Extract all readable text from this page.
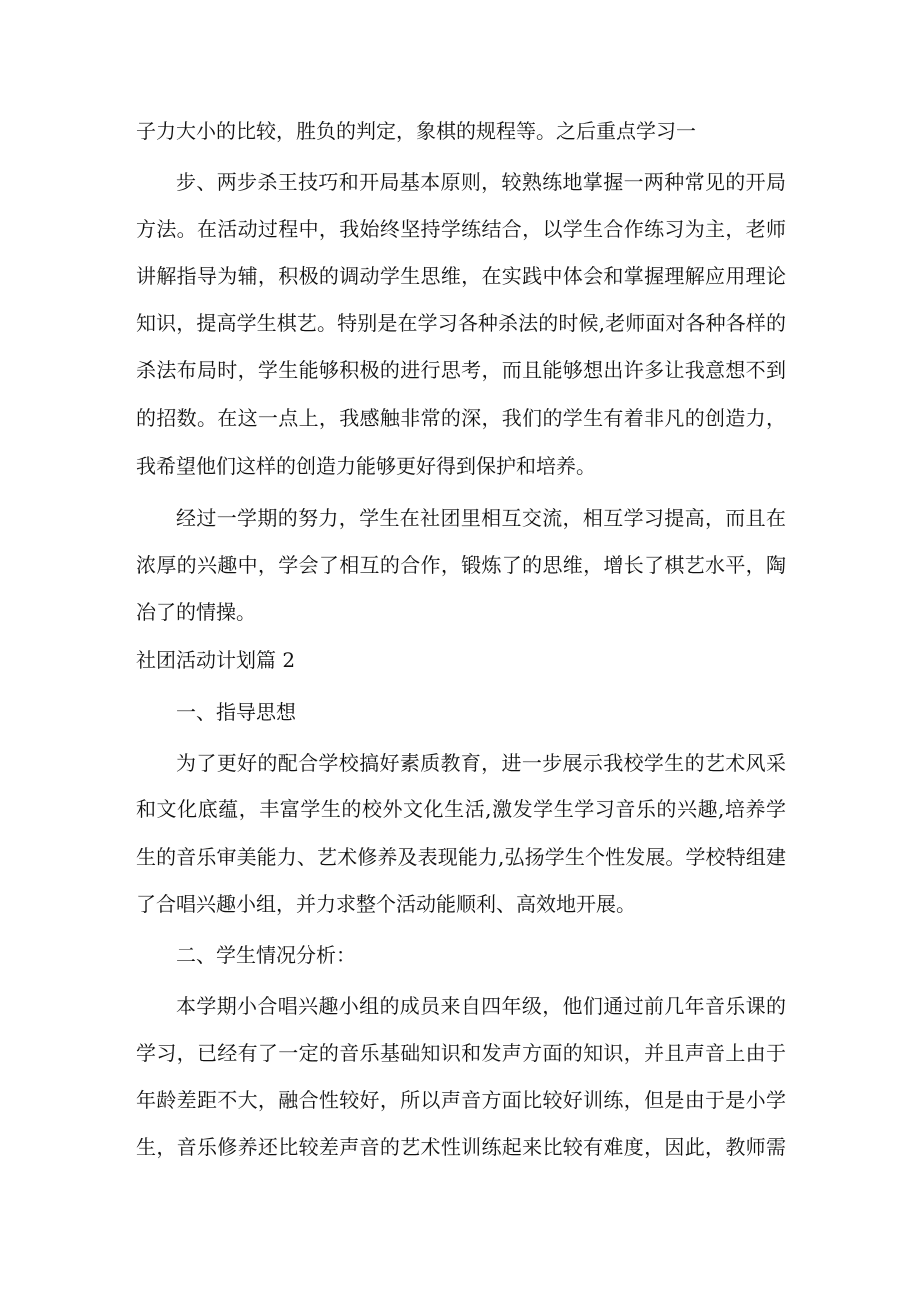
子力大小的比较，胜负的判定，象棋的规程等。之后重点学习一
步、两步杀王技巧和开局基本原则，较熟练地掌握一两种常见的开局
方法。在活动过程中，我始终坚持学练结合，以学生合作练习为主，老师
讲解指导为辅，积极的调动学生思维，在实践中体会和掌握理解应用理论
知识，提高学生棋艺。特别是在学习各种杀法的时候,老师面对各种各样的
杀法布局时，学生能够积极的进行思考，而且能够想出许多让我意想不到
的招数。在这一点上，我感触非常的深，我们的学生有着非凡的创造力，
我希望他们这样的创造力能够更好得到保护和培养。
经过一学期的努力，学生在社团里相互交流，相互学习提高，而且在
浓厚的兴趣中，学会了相互的合作，锻炼了的思维，增长了棋艺水平，陶
冶了的情操。
社团活动计划篇 2
一、指导思想
为了更好的配合学校搞好素质教育，进一步展示我校学生的艺术风采
和文化底蕴，丰富学生的校外文化生活,激发学生学习音乐的兴趣,培养学
生的音乐审美能力、艺术修养及表现能力,弘扬学生个性发展。学校特组建
了合唱兴趣小组，并力求整个活动能顺利、高效地开展。
二、学生情况分析：
本学期小合唱兴趣小组的成员来自四年级，他们通过前几年音乐课的
学习，已经有了一定的音乐基础知识和发声方面的知识，并且声音上由于
年龄差距不大，融合性较好，所以声音方面比较好训练，但是由于是小学
生，音乐修养还比较差声音的艺术性训练起来比较有难度，因此，教师需
